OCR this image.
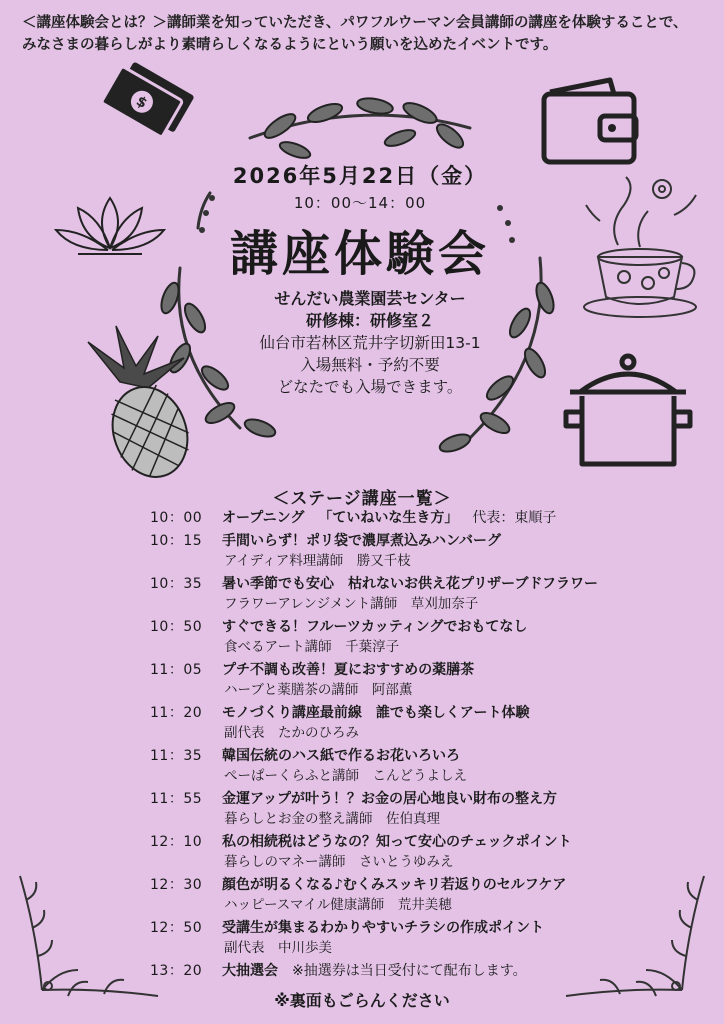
＜講座体験会とは？＞講師業を知っていただき、パワフルウーマン会員講師の講座を体験することで、みなさまの暮らしがより素晴らしくなるようにという願いを込めたイベントです。
$
2026年5月22日（金）
10：00〜14：00
講座体験会
せんだい農業園芸センター
研修棟：研修室２
仙台市若林区荒井字切新田13-1
入場無料・予約不要
どなたでも入場できます。
＜ステージ講座一覧＞
10：00	オープニング 「ていねいな生き方」 代表：東順子
10：15	手間いらず！ポリ袋で濃厚煮込みハンバーグ
アイディア料理講師　勝又千枝
10：35	暑い季節でも安心　枯れないお供え花プリザーブドフラワー
フラワーアレンジメント講師　草刈加奈子
10：50	すぐできる！フルーツカッティングでおもてなし
食べるアート講師　千葉淳子
11：05	プチ不調も改善！夏におすすめの薬膳茶
ハーブと薬膳茶の講師　阿部薫
11：20	モノづくり講座最前線　誰でも楽しくアート体験
副代表　たかのひろみ
11：35	韓国伝統のハス紙で作るお花いろいろ
ぺーぱーくらふと講師　こんどうよしえ
11：55	金運アップが叶う！？お金の居心地良い財布の整え方
暮らしとお金の整え講師　佐伯真理
12：10	私の相続税はどうなの？知って安心のチェックポイント
暮らしのマネー講師　さいとうゆみえ
12：30	顔色が明るくなる♪むくみスッキリ若返りのセルフケア
ハッピースマイル健康講師　荒井美穂
12：50	受講生が集まるわかりやすいチラシの作成ポイント
副代表　中川歩美
13：20	大抽選会 ※抽選券は当日受付にて配布します。
※裏面もごらんください
